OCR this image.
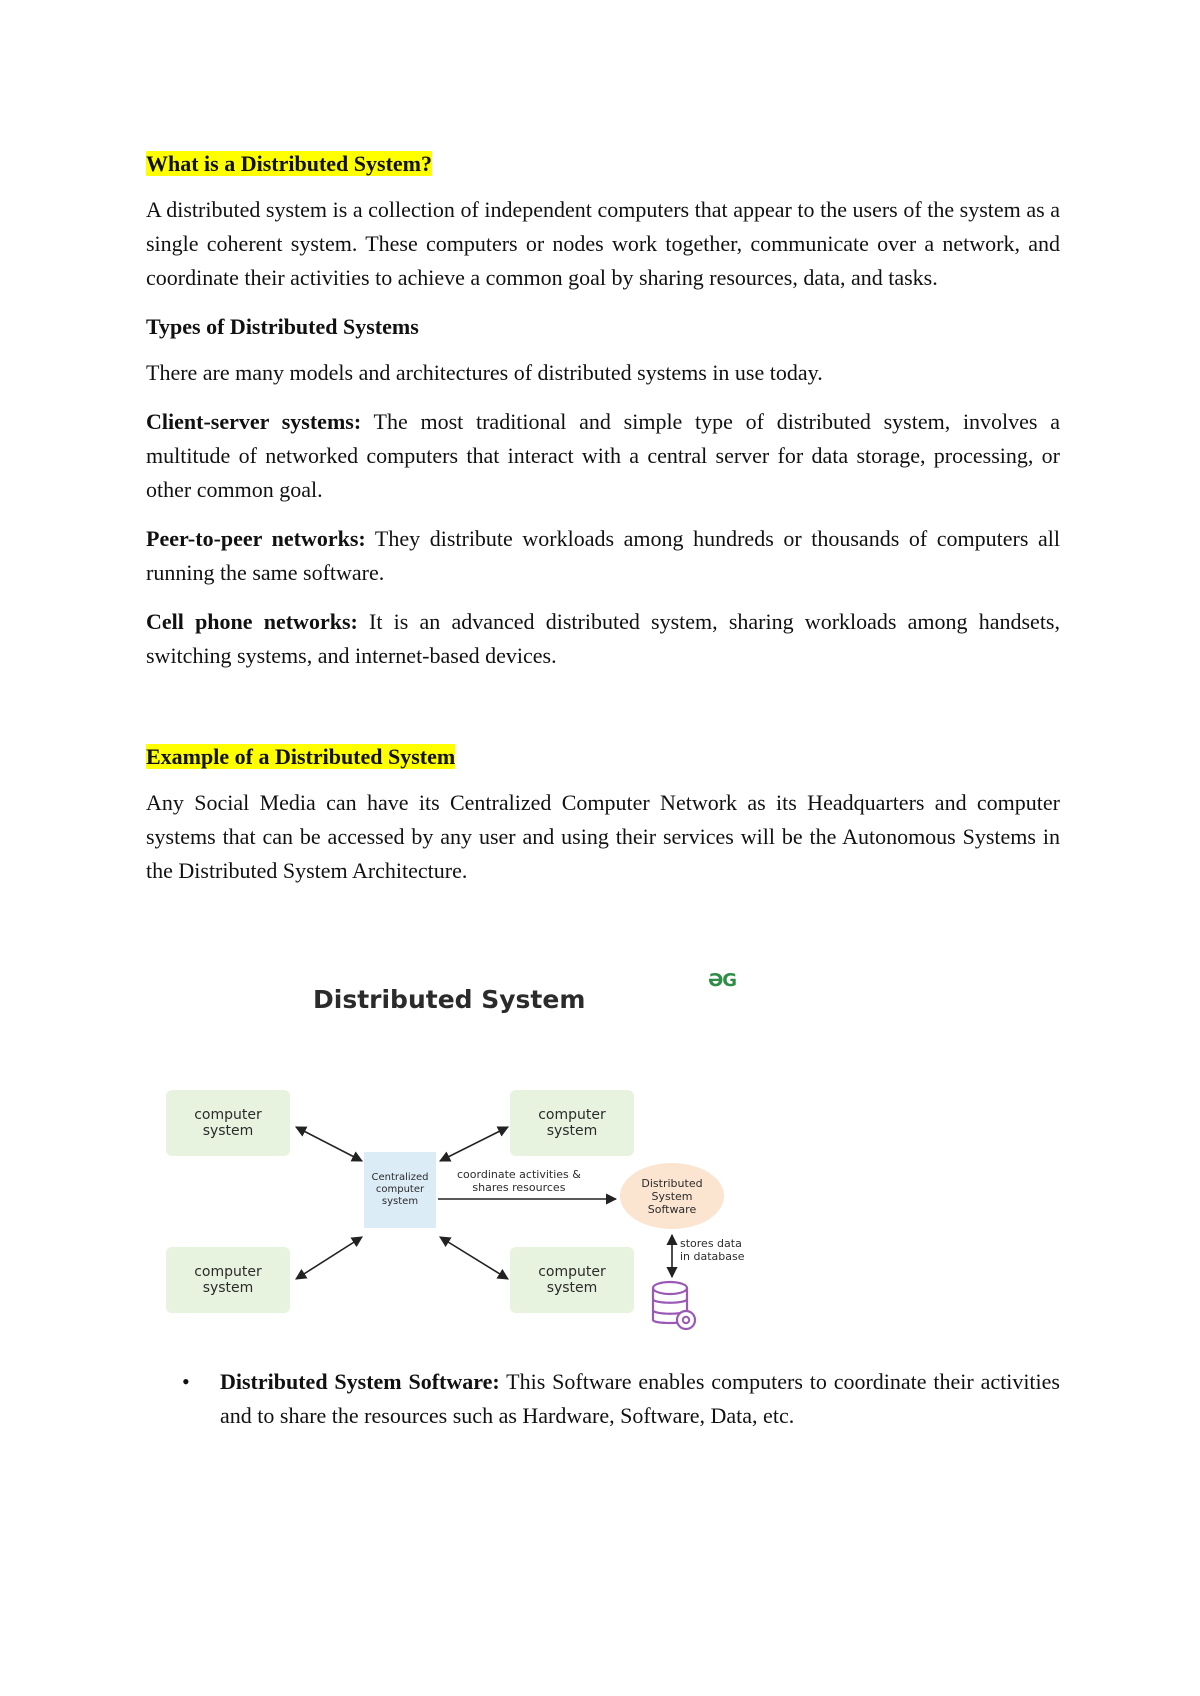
What is a Distributed System?

A distributed system is a collection of independent computers that appear to the users of the system as a single coherent system. These computers or nodes work together, communicate over a network, and coordinate their activities to achieve a common goal by sharing resources, data, and tasks.

Types of Distributed Systems

There are many models and architectures of distributed systems in use today.

Client-server systems: The most traditional and simple type of distributed system, involves a multitude of networked computers that interact with a central server for data storage, processing, or other common goal.

Peer-to-peer networks: They distribute workloads among hundreds or thousands of computers all running the same software.

Cell phone networks: It is an advanced distributed system, sharing workloads among handsets, switching systems, and internet-based devices.

Example of a Distributed System

Any Social Media can have its Centralized Computer Network as its Headquarters and computer systems that can be accessed by any user and using their services will be the Autonomous Systems in the Distributed System Architecture.

Distributed System
ƏG
computer
system
computer
system
computer
system
computer
system
Centralized
computer
system
coordinate activities &
shares resources	Distributed
System
Software
stores data
in database
• Distributed System Software: This Software enables computers to coordinate their activities and to share the resources such as Hardware, Software, Data, etc.
